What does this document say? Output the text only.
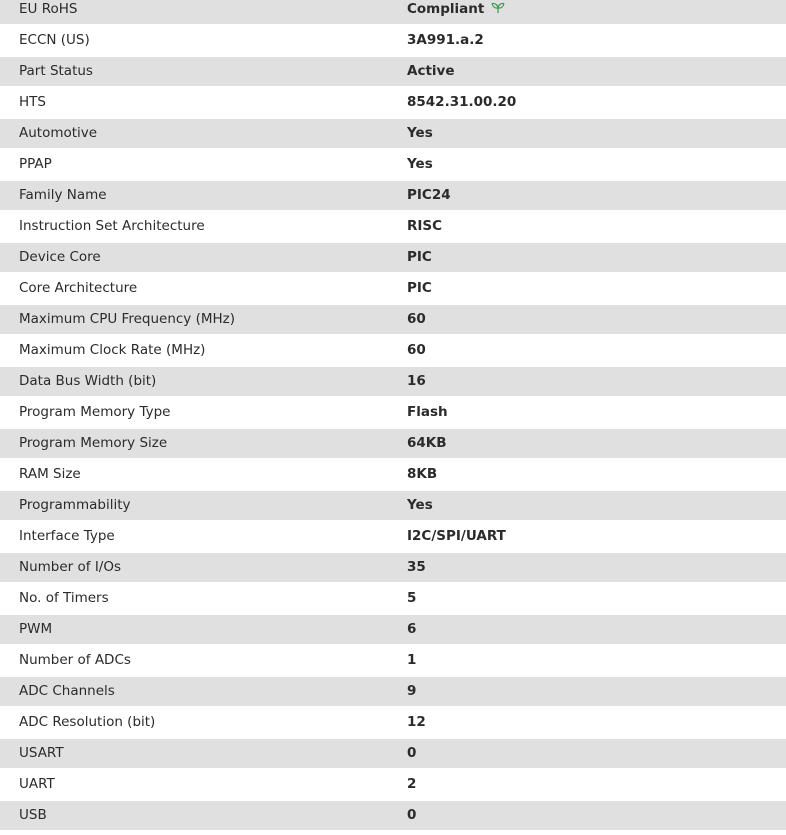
EU RoHS	Compliant
ECCN (US)	3A991.a.2
Part Status	Active
HTS	8542.31.00.20
Automotive	Yes
PPAP	Yes
Family Name	PIC24
Instruction Set Architecture	RISC
Device Core	PIC
Core Architecture	PIC
Maximum CPU Frequency (MHz)	60
Maximum Clock Rate (MHz)	60
Data Bus Width (bit)	16
Program Memory Type	Flash
Program Memory Size	64KB
RAM Size	8KB
Programmability	Yes
Interface Type	I2C/SPI/UART
Number of I/Os	35
No. of Timers	5
PWM	6
Number of ADCs	1
ADC Channels	9
ADC Resolution (bit)	12
USART	0
UART	2
USB	0
